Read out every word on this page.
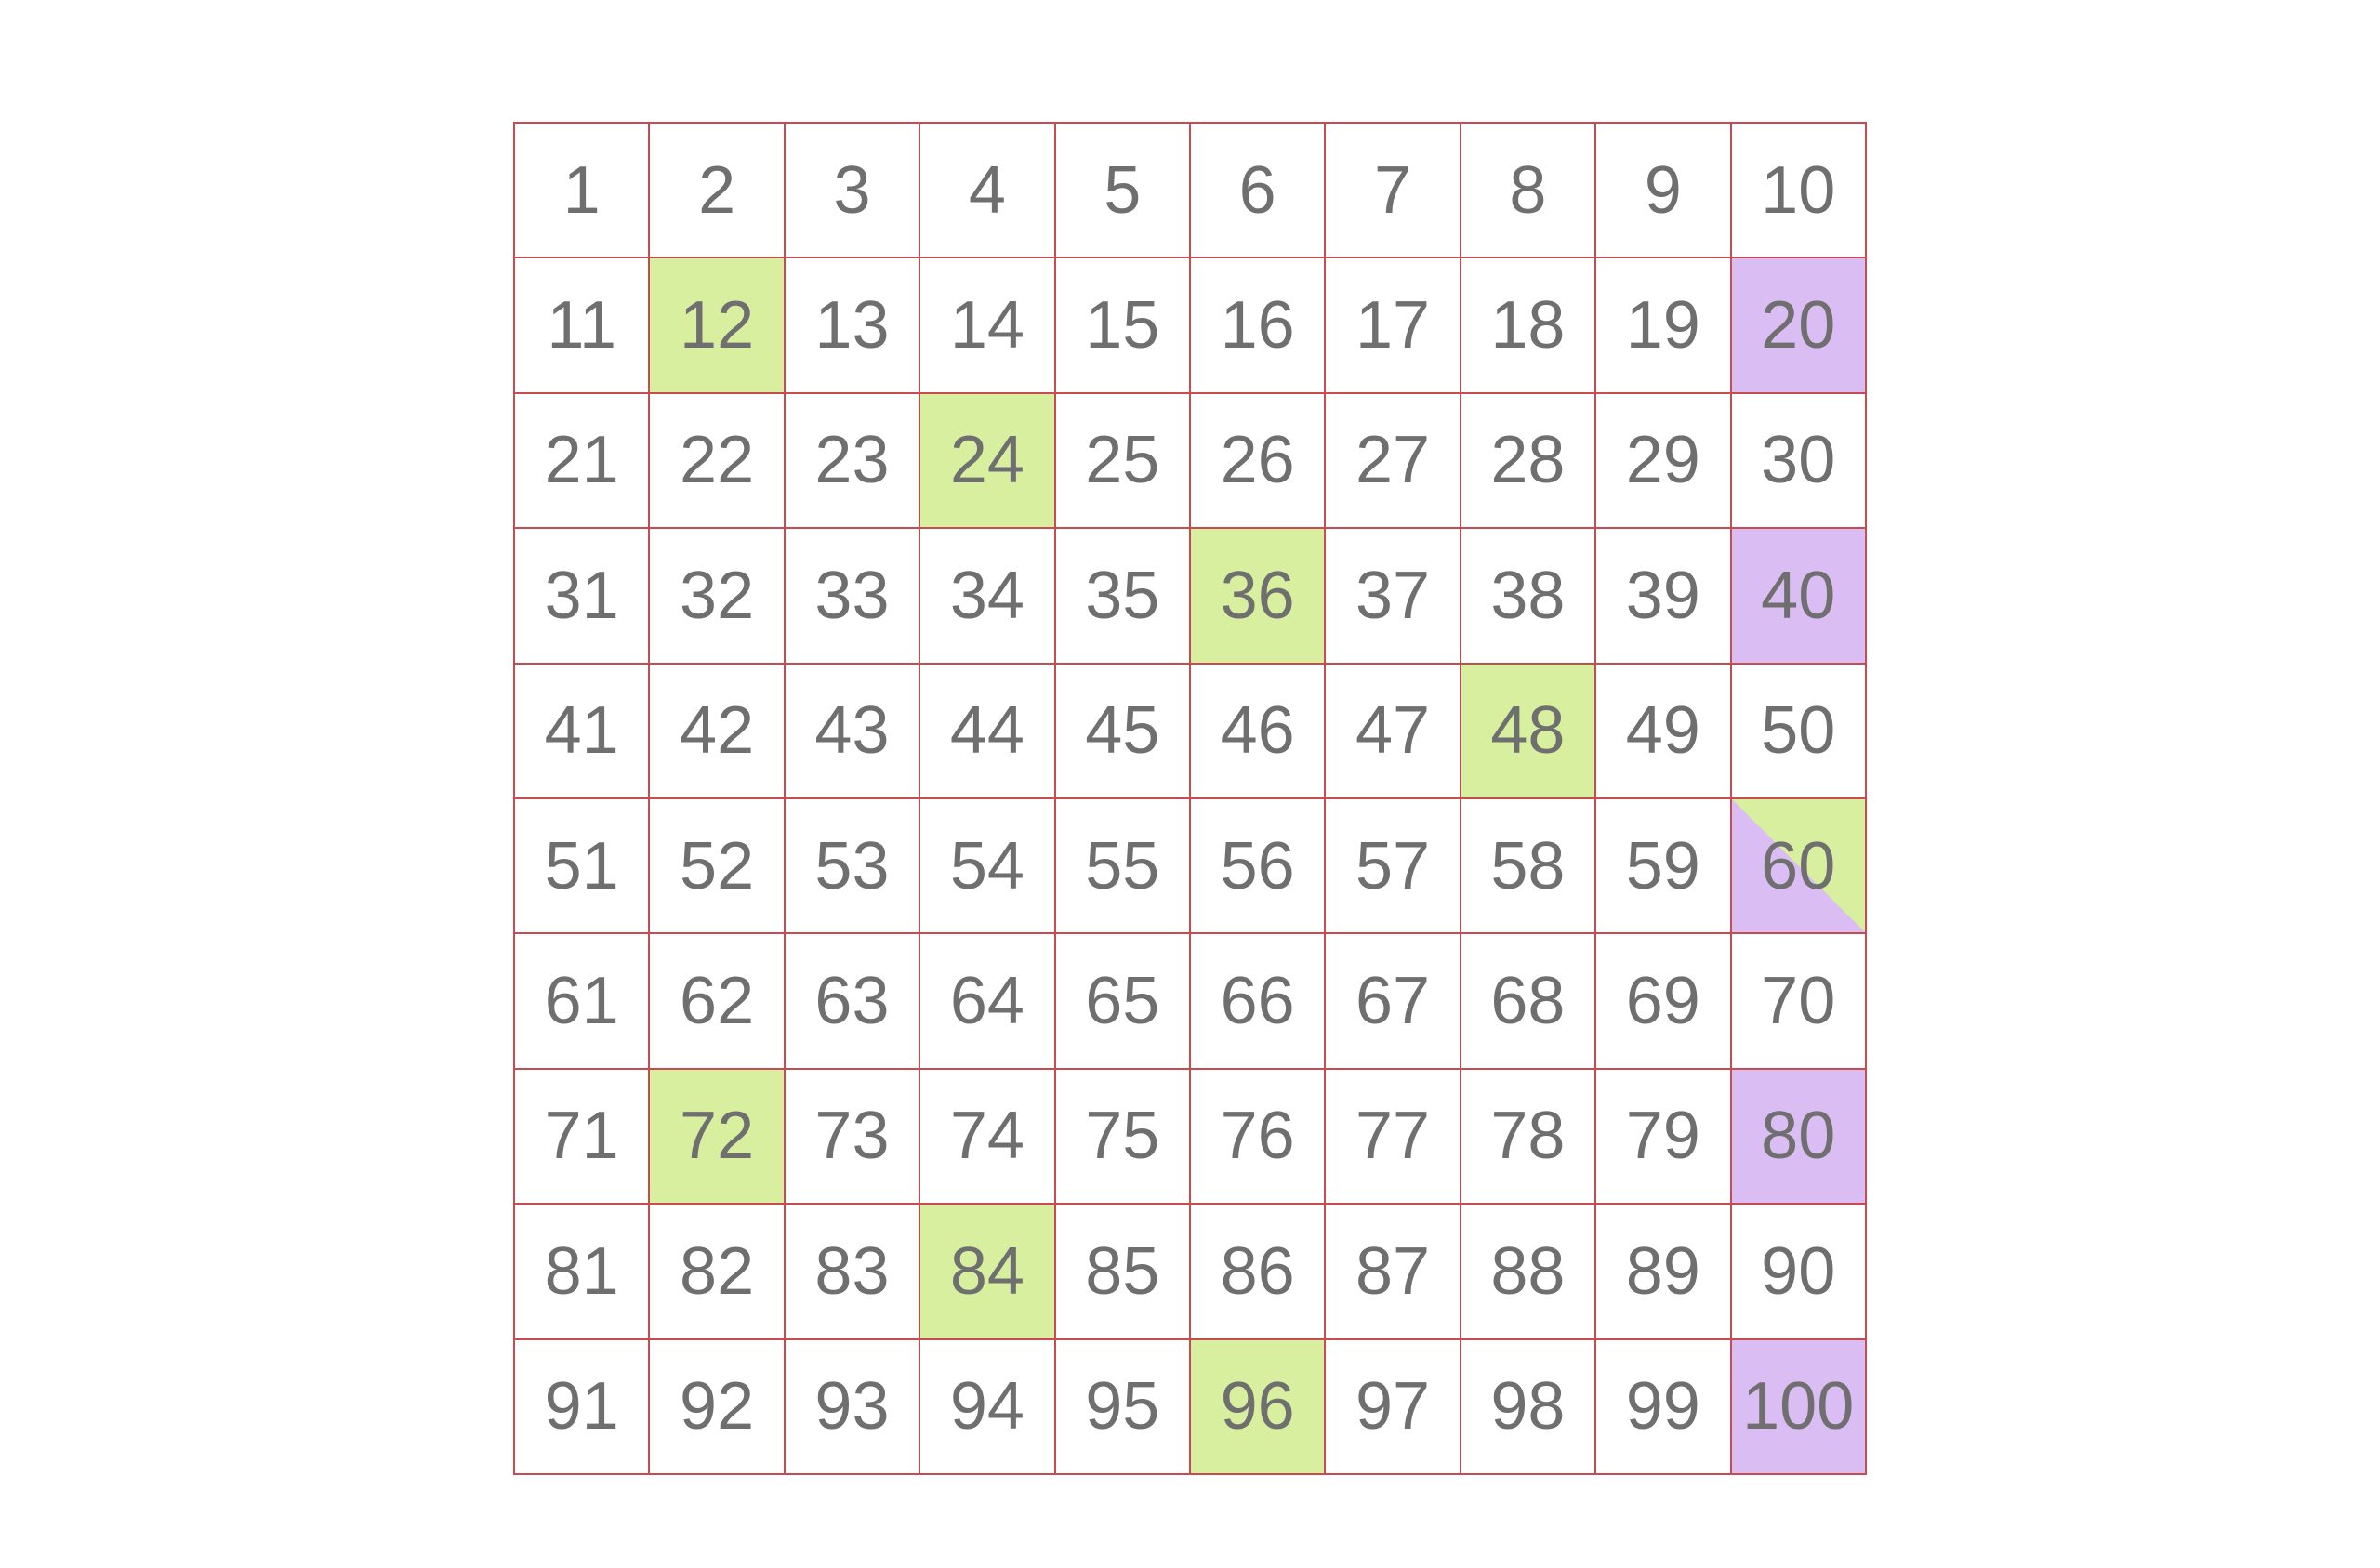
1	2	3	4	5	6	7	8	9	10
11 12 13 14 15 16 17 18 19 20
21 22 23 24 25 26 27 28 29 30
31 32 33 34 35 36 37 38 39 40
41 42 43 44 45 46 47 48 49 50
51 52 53 54 55 56 57 58 59 60
61 62 63 64 65 66 67 68 69 70
71 72 73 74 75 76 77 78 79 80
81 82 83 84 85 86 87 88 89 90
91 92 93 94 95 96 97 98 99 100
